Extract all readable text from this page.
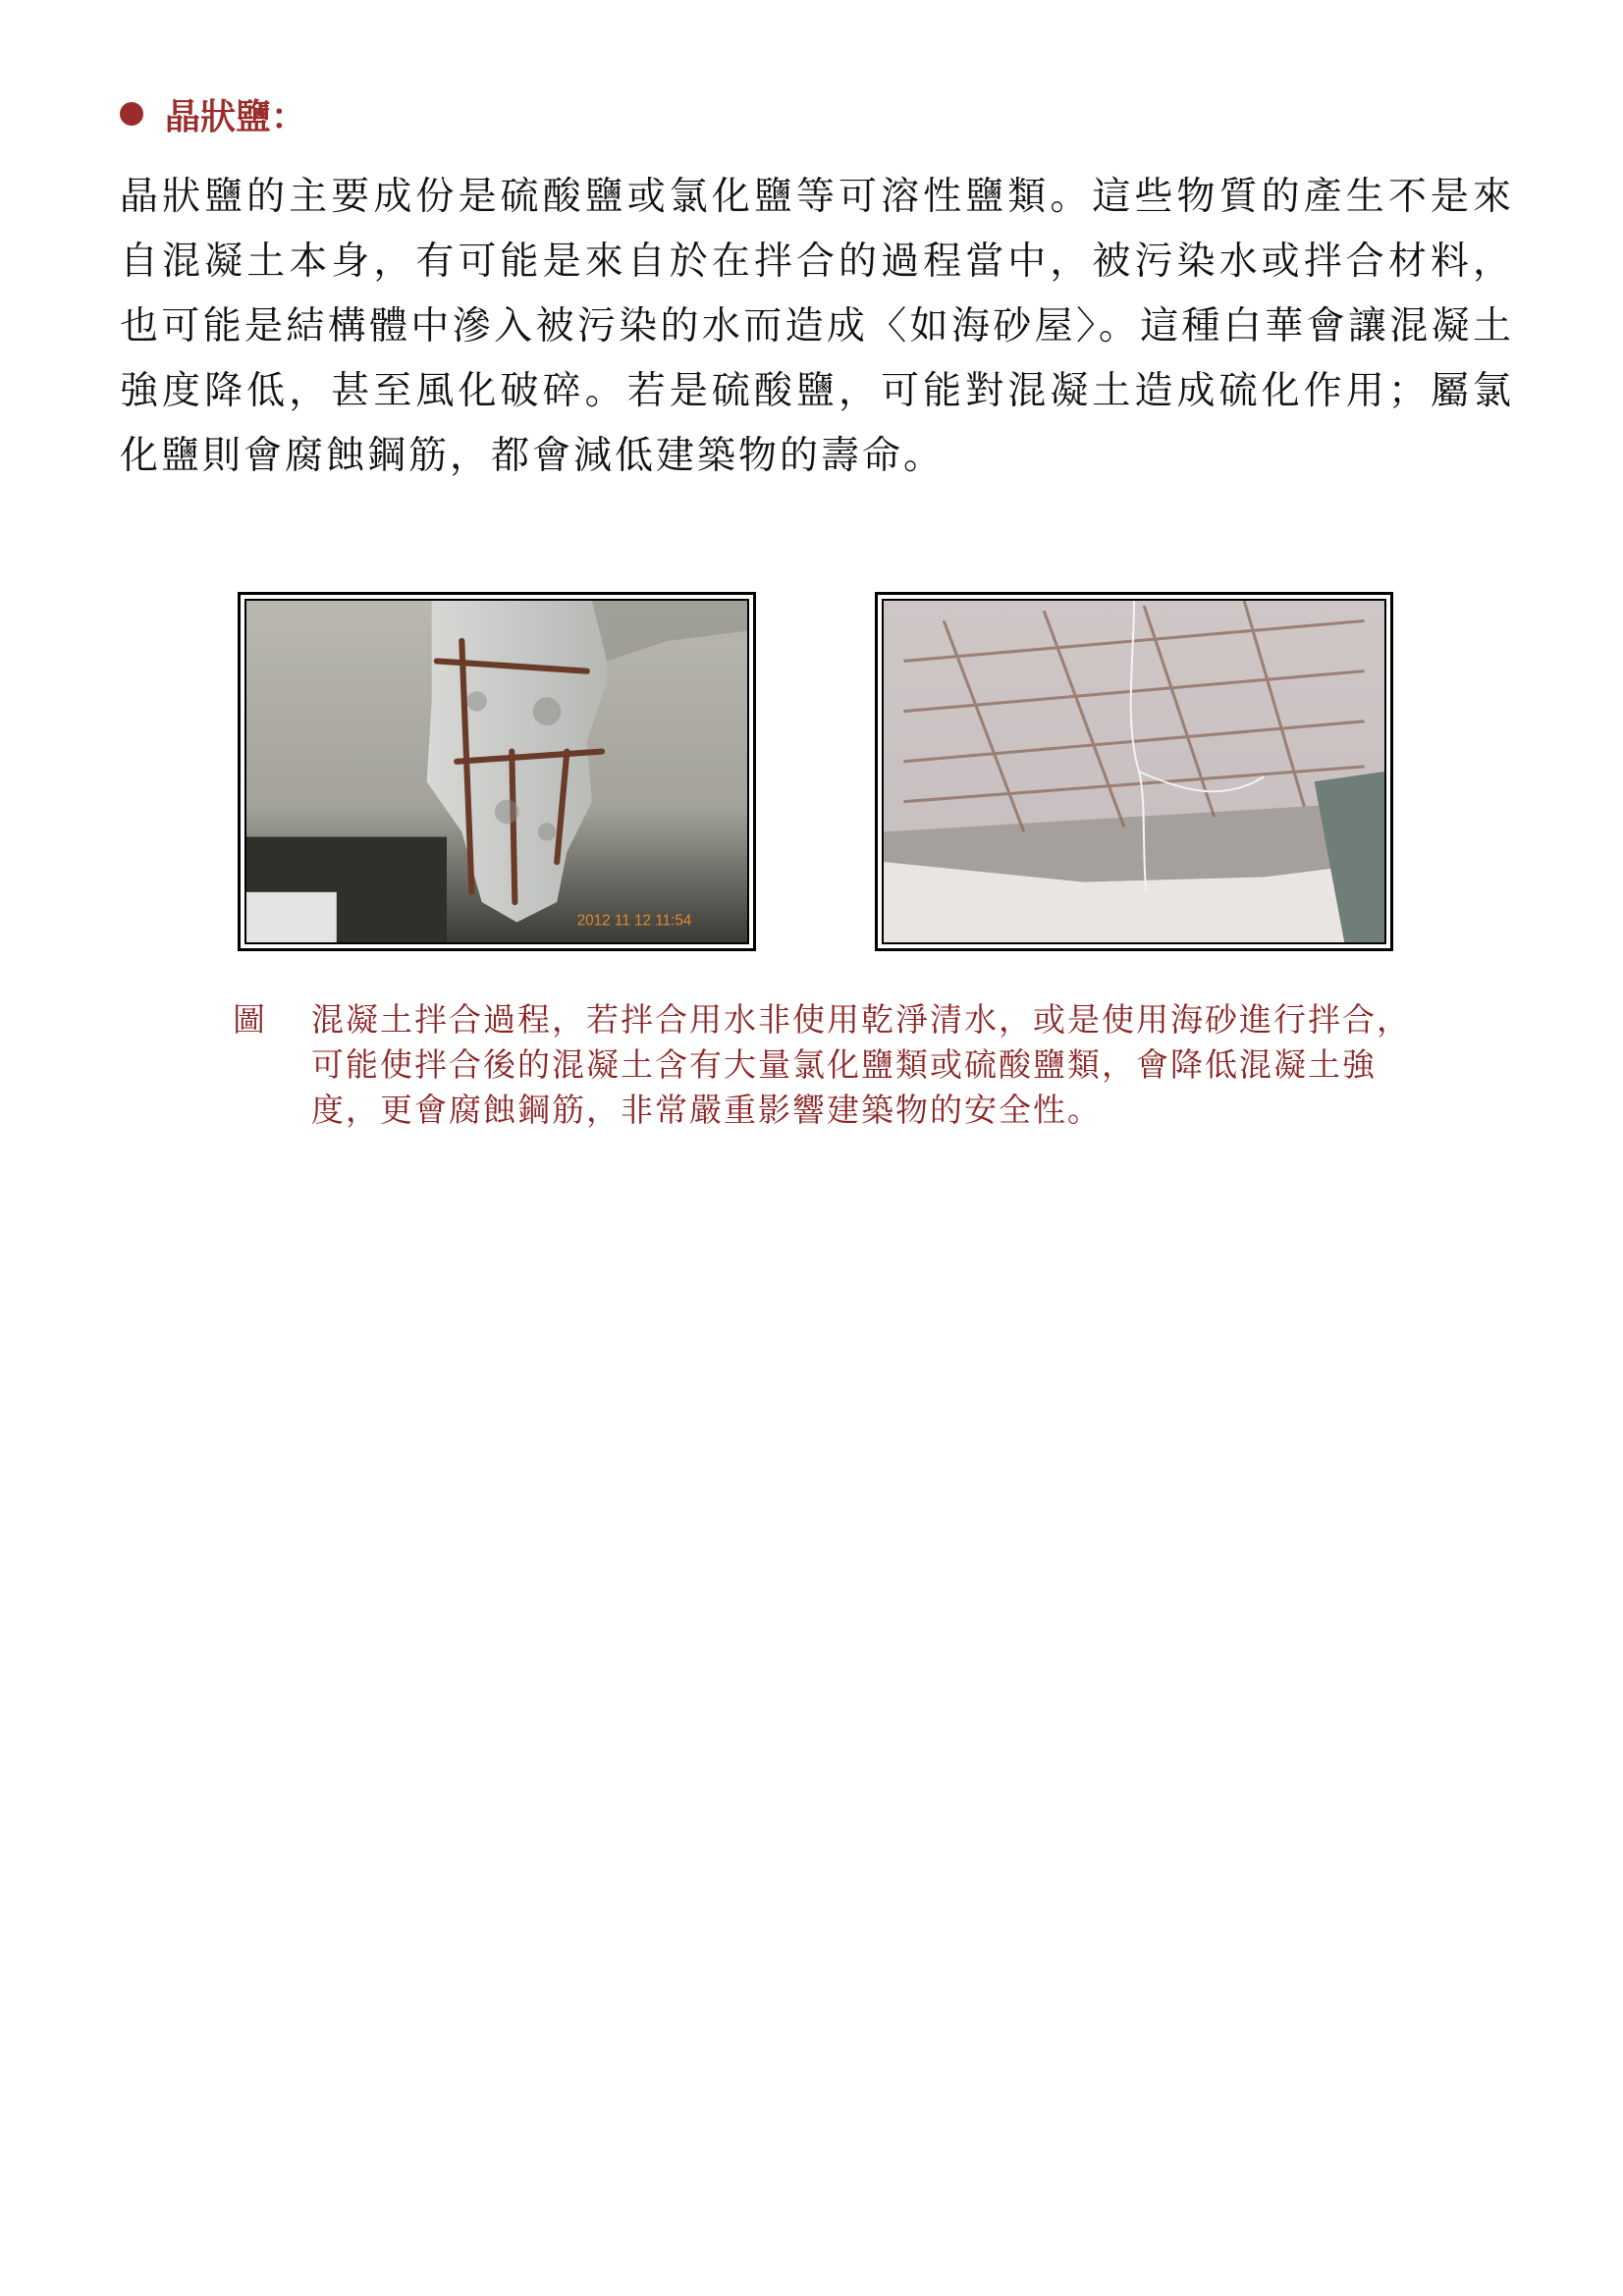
晶狀鹽：

晶狀鹽的主要成份是硫酸鹽或氯化鹽等可溶性鹽類。這些物質的產生不是來自混凝土本身，有可能是來自於在拌合的過程當中，被污染水或拌合材料，也可能是結構體中滲入被污染的水而造成〈如海砂屋〉。這種白華會讓混凝土強度降低，甚至風化破碎。若是硫酸鹽，可能對混凝土造成硫化作用；屬氯化鹽則會腐蝕鋼筋，都會減低建築物的壽命。

2012 11 12 11:54
圖	混凝土拌合過程，若拌合用水非使用乾淨清水，或是使用海砂進行拌合，可能使拌合後的混凝土含有大量氯化鹽類或硫酸鹽類，會降低混凝土強度，更會腐蝕鋼筋，非常嚴重影響建築物的安全性。
